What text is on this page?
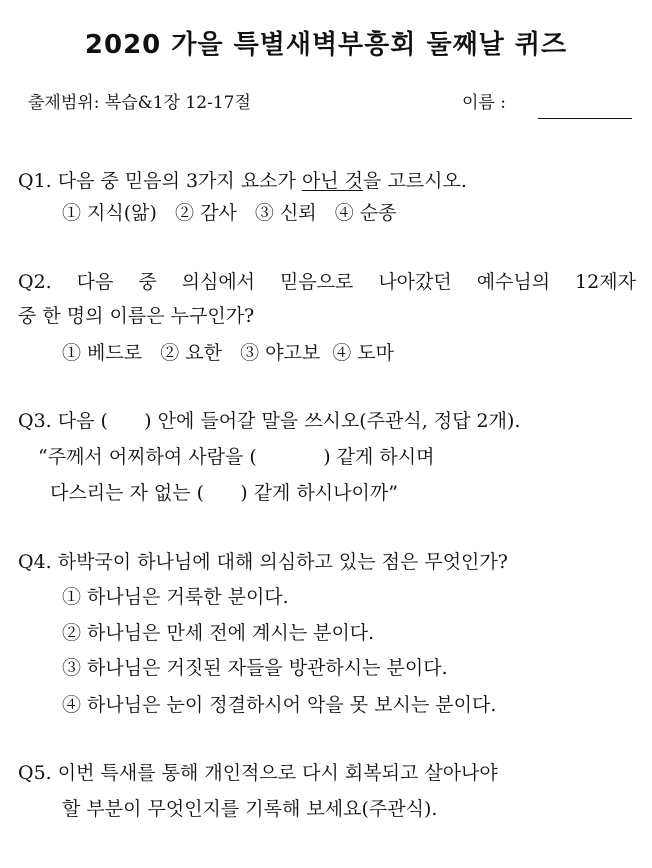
2020 가을 특별새벽부흥회 둘째날 퀴즈
출제범위: 복습&1장 12-17절	이름 :
Q1. 다음 중 믿음의 3가지 요소가 아닌 것을 고르시오.
① 지식(앎)   ② 감사   ③ 신뢰   ④ 순종
Q2. 다음 중 의심에서 믿음으로 나아갔던 예수님의 12제자
중 한 명의 이름은 누구인가?
① 베드로   ② 요한   ③ 야고보  ④ 도마
Q3. 다음 (      ) 안에 들어갈 말을 쓰시오(주관식, 정답 2개).
“주께서 어찌하여 사람을 (           ) 같게 하시며
다스리는 자 없는 (      ) 같게 하시나이까”
Q4. 하박국이 하나님에 대해 의심하고 있는 점은 무엇인가?
① 하나님은 거룩한 분이다.
② 하나님은 만세 전에 계시는 분이다.
③ 하나님은 거짓된 자들을 방관하시는 분이다.
④ 하나님은 눈이 정결하시어 악을 못 보시는 분이다.
Q5. 이번 특새를 통해 개인적으로 다시 회복되고 살아나야
할 부분이 무엇인지를 기록해 보세요(주관식).
